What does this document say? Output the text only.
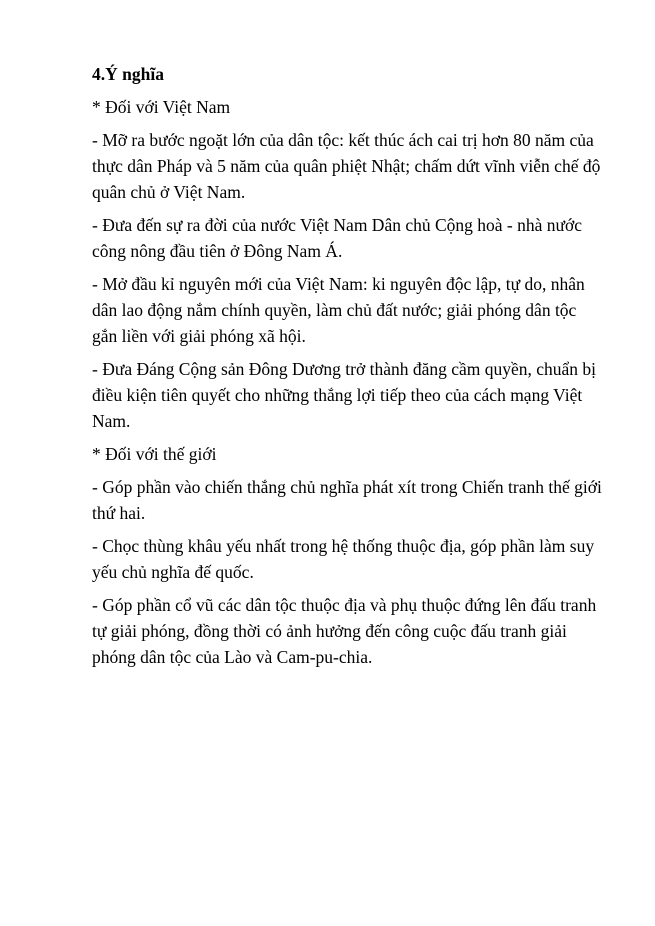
4.Ý nghĩa

* Đối với Việt Nam

- Mỡ ra bước ngoặt lớn của dân tộc: kết thúc ách cai trị hơn 80 năm của thực dân Pháp và 5 năm của quân phiệt Nhật; chấm dứt vĩnh viễn chế độ quân chủ ở Việt Nam.

- Đưa đến sự ra đời của nước Việt Nam Dân chủ Cộng hoà - nhà nước công nông đầu tiên ở Đông Nam Á.

- Mở đầu kỉ nguyên mới của Việt Nam: ki nguyên độc lập, tự do, nhân dân lao động nắm chính quyền, làm chủ đất nước; giải phóng dân tộc gắn liền với giải phóng xã hội.

- Đưa Đáng Cộng sản Đông Dương trở thành đăng cầm quyền, chuẩn bị điều kiện tiên quyết cho những thắng lợi tiếp theo của cách mạng Việt Nam.

* Đối với thế giới

- Góp phần vào chiến thắng chủ nghĩa phát xít trong Chiến tranh thế giới thứ hai.

- Chọc thùng khâu yếu nhất trong hệ thống thuộc địa, góp phần làm suy yếu chủ nghĩa đế quốc.

- Góp phần cổ vũ các dân tộc thuộc địa và phụ thuộc đứng lên đấu tranh tự giải phóng, đồng thời có ảnh hưởng đến công cuộc đấu tranh giải phóng dân tộc của Lào và Cam-pu-chia.
